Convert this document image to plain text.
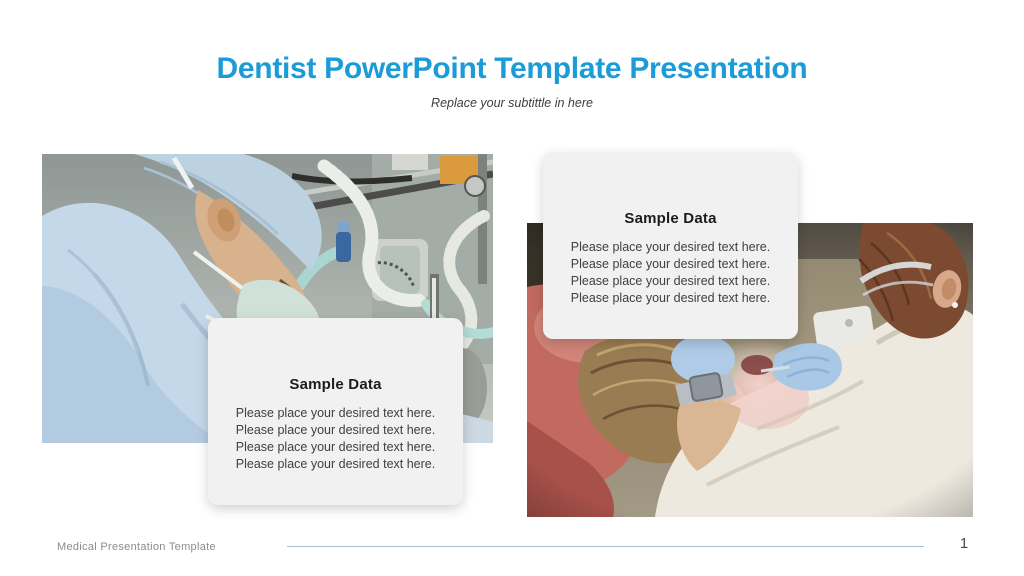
Dentist PowerPoint Template Presentation
Replace your subtittle in here
Sample Data
Please place your desired text here. Please place your desired text here. Please place your desired text here. Please place your desired text here.
Sample Data
Please place your desired text here. Please place your desired text here. Please place your desired text here. Please place your desired text here.
Medical Presentation Template	1
